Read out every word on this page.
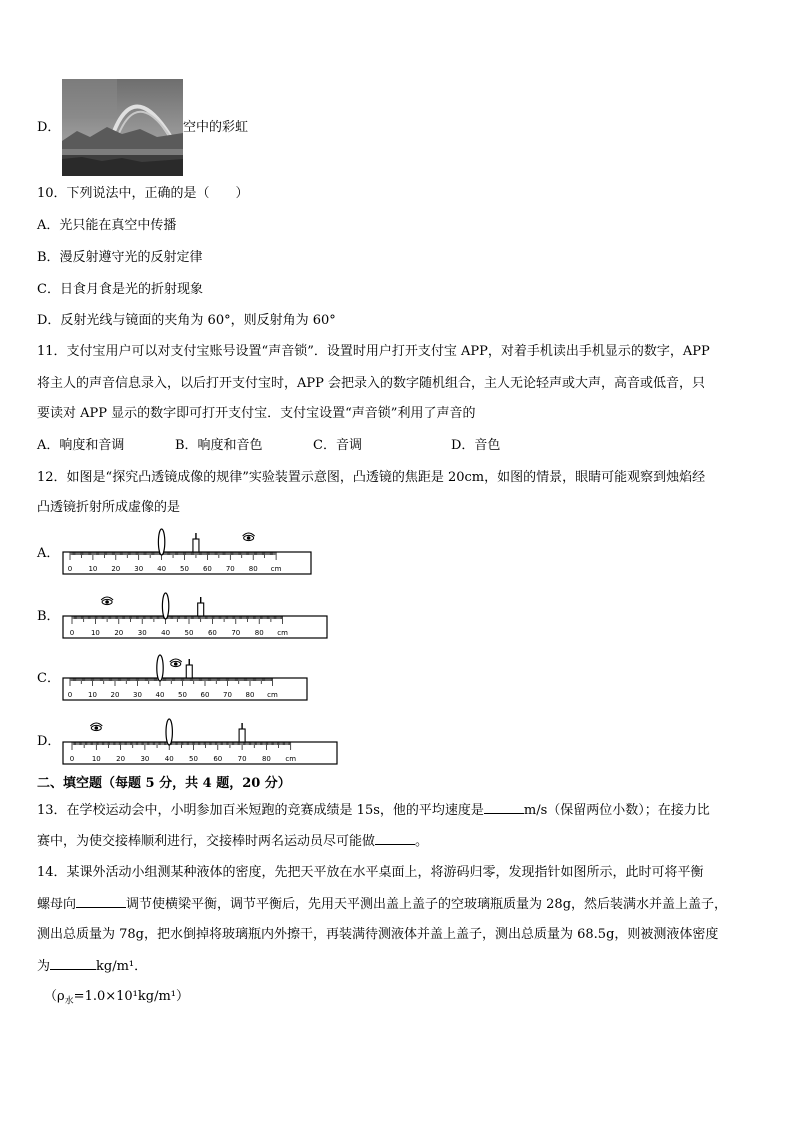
D．	空中的彩虹
10．下列说法中，正确的是（　　）
A．光只能在真空中传播
B．漫反射遵守光的反射定律
C．日食月食是光的折射现象
D．反射光线与镜面的夹角为 60°，则反射角为 60°
11．支付宝用户可以对支付宝账号设置“声音锁”．设置时用户打开支付宝 APP，对着手机读出手机显示的数字，APP
将主人的声音信息录入，以后打开支付宝时，APP 会把录入的数字随机组合，主人无论轻声或大声，高音或低音，只
要读对 APP 显示的数字即可打开支付宝．支付宝设置“声音锁”利用了声音的
A．响度和音调	B．响度和音色	C．音调	D．音色
12．如图是“探究凸透镜成像的规律”实验装置示意图，凸透镜的焦距是 20cm，如图的情景，眼睛可能观察到烛焰经
凸透镜折射所成虚像的是
A．
0 10 20 30 40 50 60 70 80 cm
B．
0 10 20 30 40 50 60 70 80 cm
C．
0 10 20 30 40 50 60 70 80 cm
D．
0	10 20 30 40 50 60 70 80 cm
二、填空题（每题 5 分，共 4 题，20 分）
13．在学校运动会中，小明参加百米短跑的竞赛成绩是 15s，他的平均速度是	m/s（保留两位小数）；在接力比
赛中，为使交接棒顺利进行，交接棒时两名运动员尽可能做	。
14．某课外活动小组测某种液体的密度，先把天平放在水平桌面上，将游码归零，发现指针如图所示，此时可将平衡
螺母向	调节使横梁平衡，调节平衡后，先用天平测出盖上盖子的空玻璃瓶质量为 28g，然后装满水并盖上盖子，
测出总质量为 78g，把水倒掉将玻璃瓶内外擦干，再装满待测液体并盖上盖子，测出总质量为 68.5g，则被测液体密度
为	kg/m¹．
$(\rho_水=1.0\times 10^1kg/m^1)$
